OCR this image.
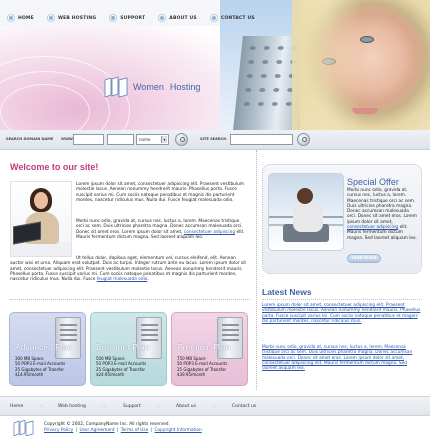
HOME	WEB HOSTING	SUPPORT	ABOUT US	CONTACT US
Women Hosting
SEARCH DOMAIN NAME WWW	name	▾	SITE SEARCH
Welcome to our site!
Lorem ipsum dolor sit amet, consectetuer adipiscing elit. Praesent vestibulum molestie lacus. Aenean nonummy hendrerit mauris. Phasellus porta. Fusce suscipit varius mi. Cum sociis natoque penatibus et magnis dis parturient montes, nascetur ridiculus mus. Nulla dui. Fusce feugiat malesuada odio.
Morbi nunc odio, gravida at, cursus nec, luctus a, lorem. Maecenas tristique orci ac sem. Duis ultricies pharetra magna. Donec accumsan malesuada orci. Donec sit amet eros. Lorem ipsum dolor sit amet, consectetuer adipiscing elit. Mauris fermentum dictum magna. Sed laoreet aliquam leo.
Ut tellus dolor, dapibus eget, elementum vel, cursus eleifend, elit. Aenean auctor wisi et urna. Aliquam erat volutpat. Duis ac turpis. Integer rutrum ante eu lacus. Lorem ipsum dolor sit amet, consectetuer adipiscing elit. Praesent vestibulum molestie lacus. Aenean nonummy hendrerit mauris. Phasellus porta. Fusce suscipit varius mi. Cum sociis natoque penatibus et magnis dis parturient montes, nascetur ridiculus mus. Nulla dui. Fusce feugiat malesuada odio.
Advanced Plan
300 MB Space
50 POP3 E-mail Accounts
25 Gigabytes of Transfer
$14.95/month
Beginner Plan
500 MB Space
50 POP3 E-mail Accounts
25 Gigabytes of Transfer
$24.95/month
Premium Plan
750 MB Space
50 POP3 E-mail Accounts
25 Gigabytes of Transfer
$39.95/month
Special Offer
Morbi nunc odio, gravida at, cursus nec, luctus a, lorem. Maecenas tristique orci ac sem. Duis ultricies pharetra magna. Donec accumsan malesuada orci. Donec sit amet eros. Lorem ipsum dolor sit amet, consectetuer adipiscing elit. Mauris fermentum dictum magna. Sed laoreet aliquam leo.
read more
Latest News
Lorem ipsum dolor sit amet, consectetuer adipiscing elit. Praesent vestibulum molestie lacus. Aenean nonummy hendrerit mauris. Phasellus porta. Fusce suscipit varius mi. Cum sociis natoque penatibus et magnis dis parturient montes, nascetur ridiculus mus.
Morbi nunc odio, gravida at, cursus nec, luctus a, lorem. Maecenas tristique orci ac sem. Duis ultricies pharetra magna. Donec accumsan malesuada orci. Donec sit amet eros. Lorem ipsum dolor sit amet, consectetuer adipiscing elit. Mauris fermentum dictum magna. Sed laoreet aliquam leo.
Home	::	Web hosting	::	Support	::	About us	::	Contact us
Copyright © 2002, CompanyName Inc. All rights reserved.
Privacy Policy | User Agreement | Terms of Use | Copyright Information
